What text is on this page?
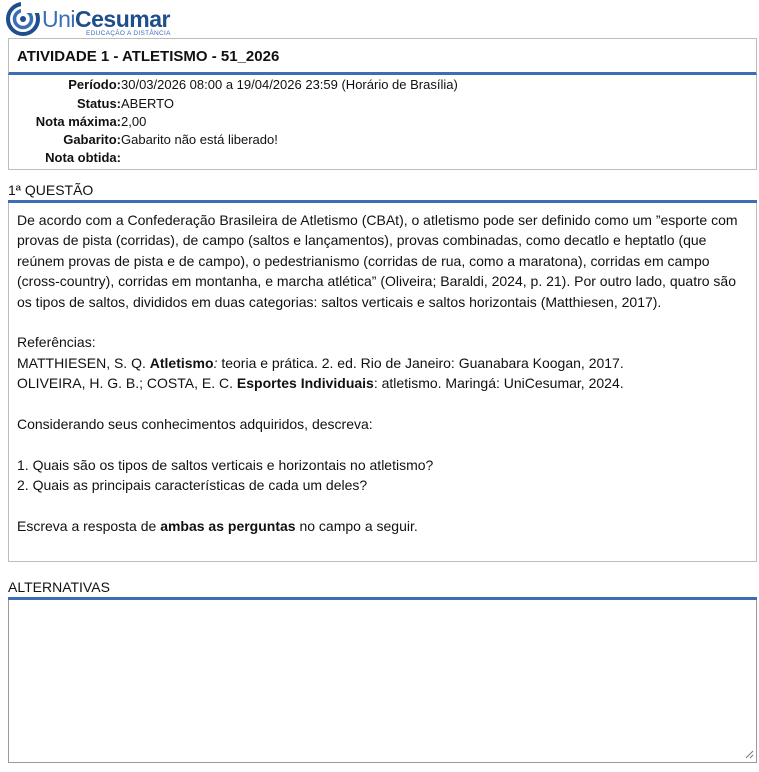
UniCesumar
EDUCAÇÃO A DISTÂNCIA
ATIVIDADE 1 - ATLETISMO - 51_2026
Período:30/03/2026 08:00 a 19/04/2026 23:59 (Horário de Brasília)
Status:ABERTO
Nota máxima:2,00
Gabarito:Gabarito não está liberado!
Nota obtida:
1ª QUESTÃO

De acordo com a Confederação Brasileira de Atletismo (CBAt), o atletismo pode ser definido como um ”esporte com provas de pista (corridas), de campo (saltos e lançamentos), provas combinadas, como decatlo e heptatlo (que reúnem provas de pista e de campo), o pedestrianismo (corridas de rua, como a maratona), corridas em campo (cross-country), corridas em montanha, e marcha atlética” (Oliveira; Baraldi, 2024, p. 21). Por outro lado, quatro são os tipos de saltos, divididos em duas categorias: saltos verticais e saltos horizontais (Matthiesen, 2017).

Referências:

MATTHIESEN, S. Q. Atletismo: teoria e prática. 2. ed. Rio de Janeiro: Guanabara Koogan, 2017.

OLIVEIRA, H. G. B.; COSTA, E. C. Esportes Individuais: atletismo. Maringá: UniCesumar, 2024.

Considerando seus conhecimentos adquiridos, descreva:

1. Quais são os tipos de saltos verticais e horizontais no atletismo?

2. Quais as principais características de cada um deles?

Escreva a resposta de ambas as perguntas no campo a seguir.

ALTERNATIVAS
